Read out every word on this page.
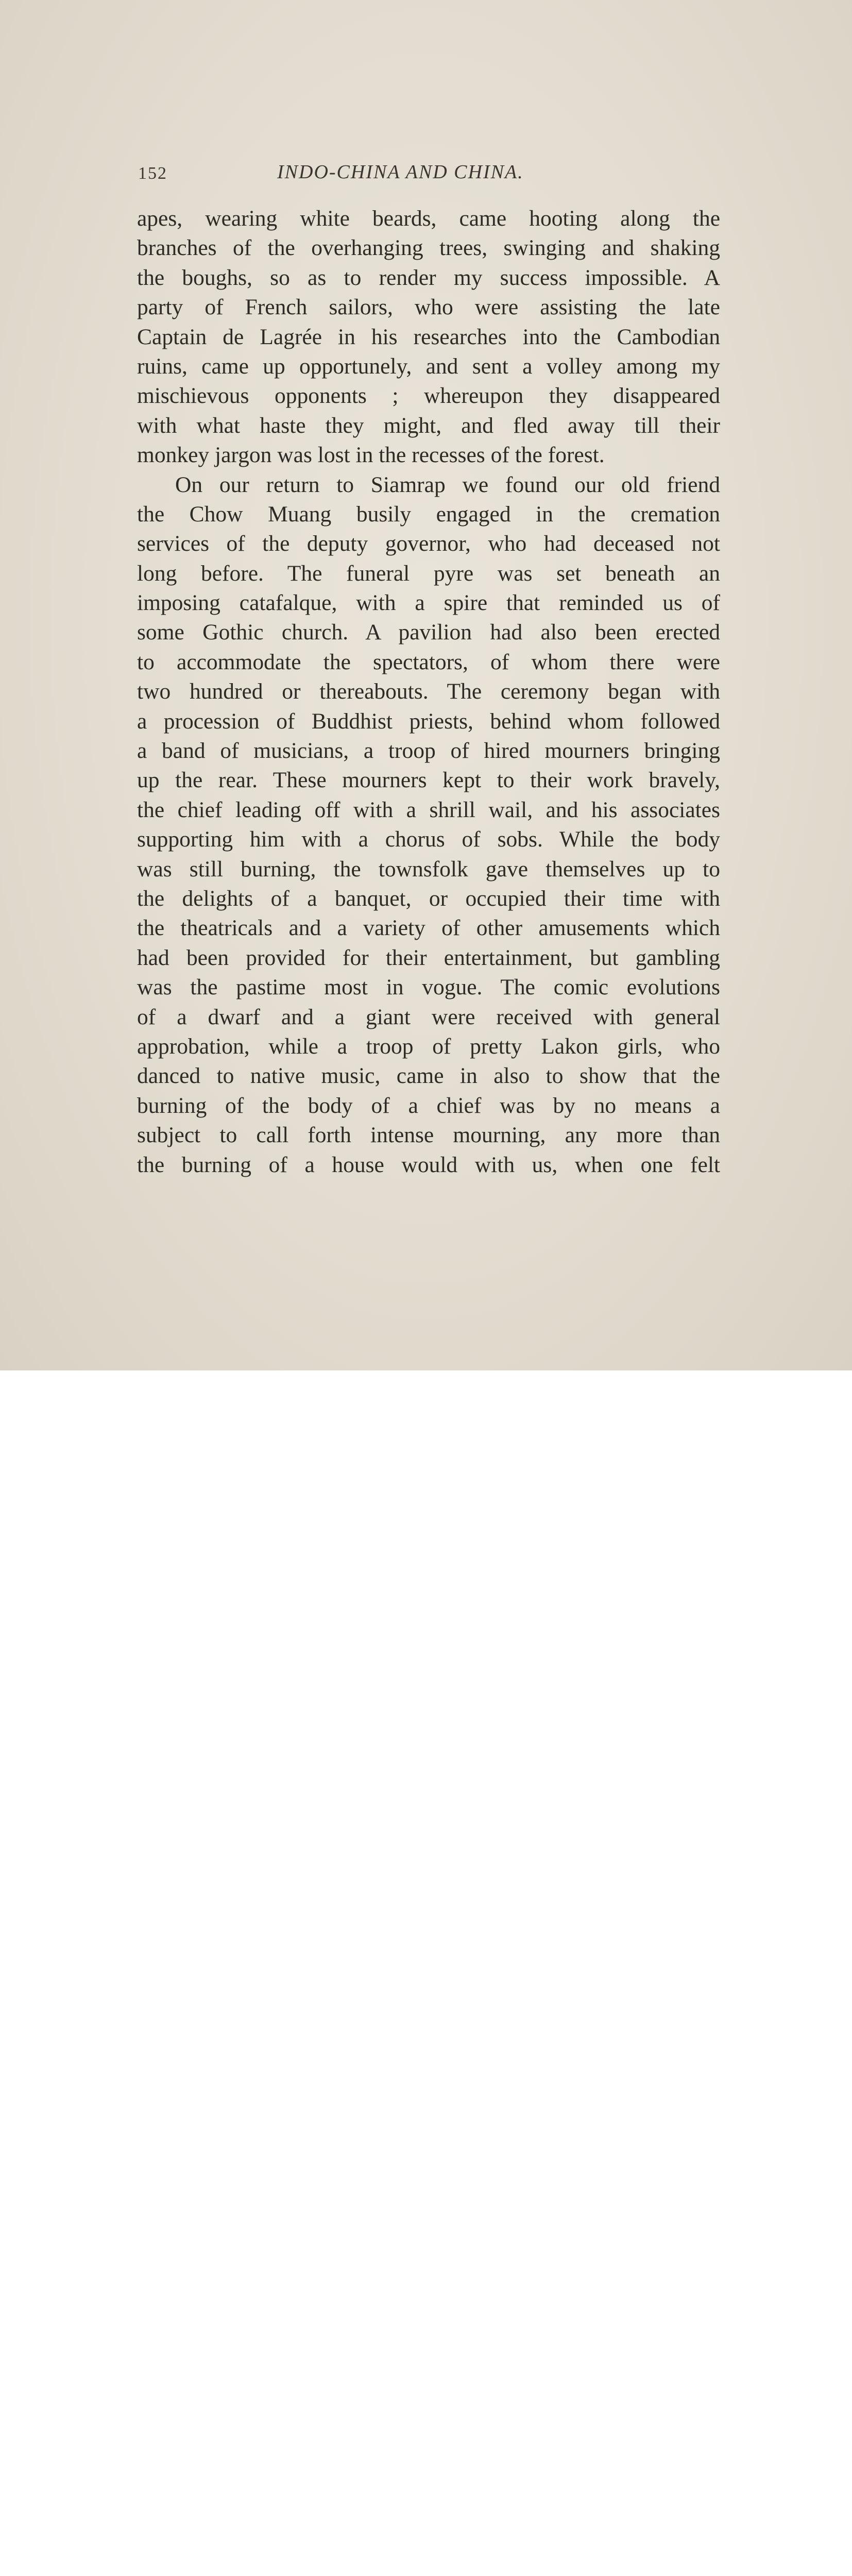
152	INDO-CHINA AND CHINA.
apes, wearing white beards, came hooting along the
branches of the overhanging trees, swinging and shaking
the boughs, so as to render my success impossible. A
party of French sailors, who were assisting the late
Captain de Lagrée in his researches into the Cambodian
ruins, came up opportunely, and sent a volley among my
mischievous opponents ; whereupon they disappeared
with what haste they might, and fled away till their
monkey jargon was lost in the recesses of the forest.
On our return to Siamrap we found our old friend
the Chow Muang busily engaged in the cremation
services of the deputy governor, who had deceased not
long before. The funeral pyre was set beneath an
imposing catafalque, with a spire that reminded us of
some Gothic church. A pavilion had also been erected
to accommodate the spectators, of whom there were
two hundred or thereabouts. The ceremony began with
a procession of Buddhist priests, behind whom followed
a band of musicians, a troop of hired mourners bringing
up the rear. These mourners kept to their work bravely,
the chief leading off with a shrill wail, and his associates
supporting him with a chorus of sobs. While the body
was still burning, the townsfolk gave themselves up to
the delights of a banquet, or occupied their time with
the theatricals and a variety of other amusements which
had been provided for their entertainment, but gambling
was the pastime most in vogue. The comic evolutions
of a dwarf and a giant were received with general
approbation, while a troop of pretty Lakon girls, who
danced to native music, came in also to show that the
burning of the body of a chief was by no means a
subject to call forth intense mourning, any more than
the burning of a house would with us, when one felt
